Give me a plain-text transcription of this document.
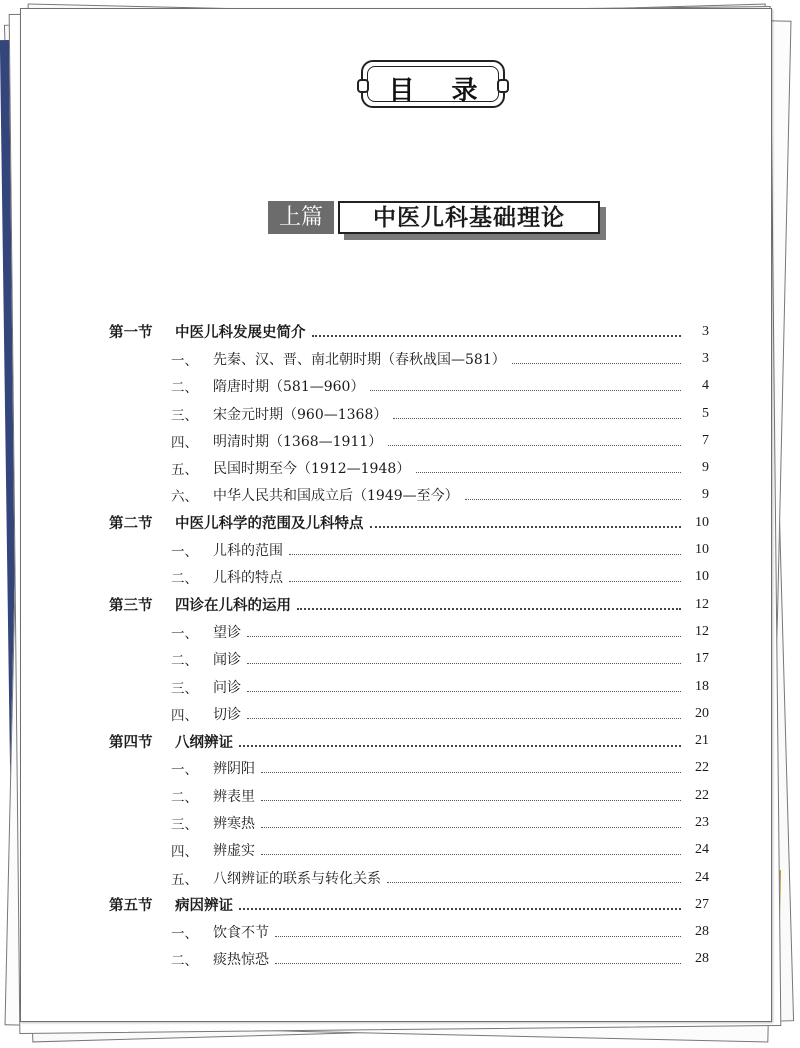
目 录
上篇	中医儿科基础理论
第一节	中医儿科发展史简介	3
一、	先秦、汉、晋、南北朝时期（春秋战国—581）	3
二、	隋唐时期（581—960）	4
三、	宋金元时期（960—1368）	5
四、	明清时期（1368—1911）	7
五、	民国时期至今（1912—1948）	9
六、	中华人民共和国成立后（1949—至今）	9
第二节	中医儿科学的范围及儿科特点	10
一、	儿科的范围	10
二、	儿科的特点	10
第三节	四诊在儿科的运用	12
一、	望诊	12
二、	闻诊	17
三、	问诊	18
四、	切诊	20
第四节	八纲辨证	21
一、	辨阴阳	22
二、	辨表里	22
三、	辨寒热	23
四、	辨虚实	24
五、	八纲辨证的联系与转化关系	24
第五节	病因辨证	27
一、	饮食不节	28
二、	痰热惊恐	28
